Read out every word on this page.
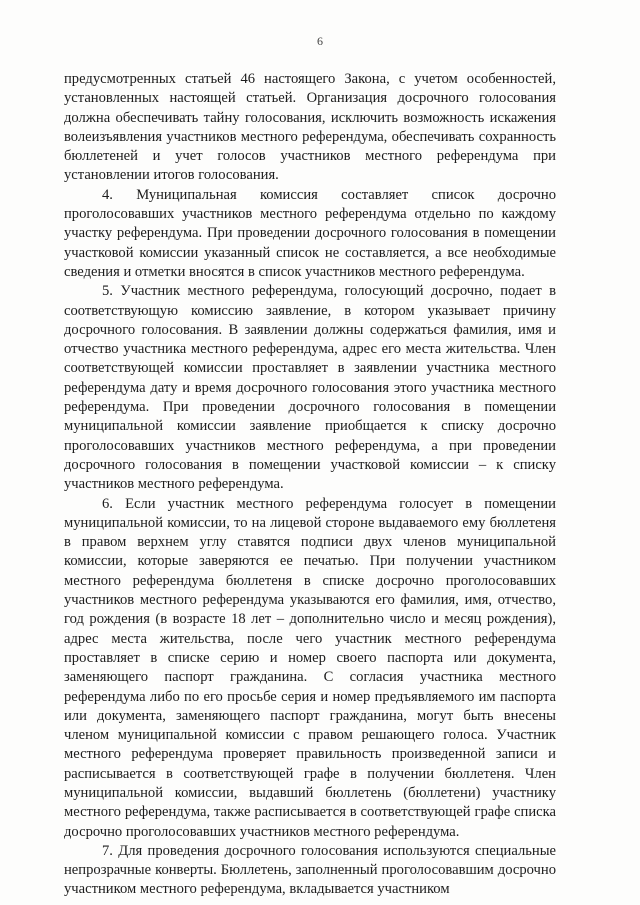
6

предусмотренных статьей 46 настоящего Закона, с учетом особенностей, установленных настоящей статьей. Организация досрочного голосования должна обеспечивать тайну голосования, исключить возможность искажения волеизъявления участников местного референдума, обеспечивать сохранность бюллетеней и учет голосов участников местного референдума при установлении итогов голосования.

4. Муниципальная комиссия составляет список досрочно проголосовавших участников местного референдума отдельно по каждому участку референдума. При проведении досрочного голосования в помещении участковой комиссии указанный список не составляется, а все необходимые сведения и отметки вносятся в список участников местного референдума.

5. Участник местного референдума, голосующий досрочно, подает в соответствующую комиссию заявление, в котором указывает причину досрочного голосования. В заявлении должны содержаться фамилия, имя и отчество участника местного референдума, адрес его места жительства. Член соответствующей комиссии проставляет в заявлении участника местного референдума дату и время досрочного голосования этого участника местного референдума. При проведении досрочного голосования в помещении муниципальной комиссии заявление приобщается к списку досрочно проголосовавших участников местного референдума, а при проведении досрочного голосования в помещении участковой комиссии – к списку участников местного референдума.

6. Если участник местного референдума голосует в помещении муниципальной комиссии, то на лицевой стороне выдаваемого ему бюллетеня в правом верхнем углу ставятся подписи двух членов муниципальной комиссии, которые заверяются ее печатью. При получении участником местного референдума бюллетеня в списке досрочно проголосовавших участников местного референдума указываются его фамилия, имя, отчество, год рождения (в возрасте 18 лет – дополнительно число и месяц рождения), адрес места жительства, после чего участник местного референдума проставляет в списке серию и номер своего паспорта или документа, заменяющего паспорт гражданина. С согласия участника местного референдума либо по его просьбе серия и номер предъявляемого им паспорта или документа, заменяющего паспорт гражданина, могут быть внесены членом муниципальной комиссии с правом решающего голоса. Участник местного референдума проверяет правильность произведенной записи и расписывается в соответствующей графе в получении бюллетеня. Член муниципальной комиссии, выдавший бюллетень (бюллетени) участнику местного референдума, также расписывается в соответствующей графе списка досрочно проголосовавших участников местного референдума.

7. Для проведения досрочного голосования используются специальные непрозрачные конверты. Бюллетень, заполненный проголосовавшим досрочно участником местного референдума, вкладывается участником
